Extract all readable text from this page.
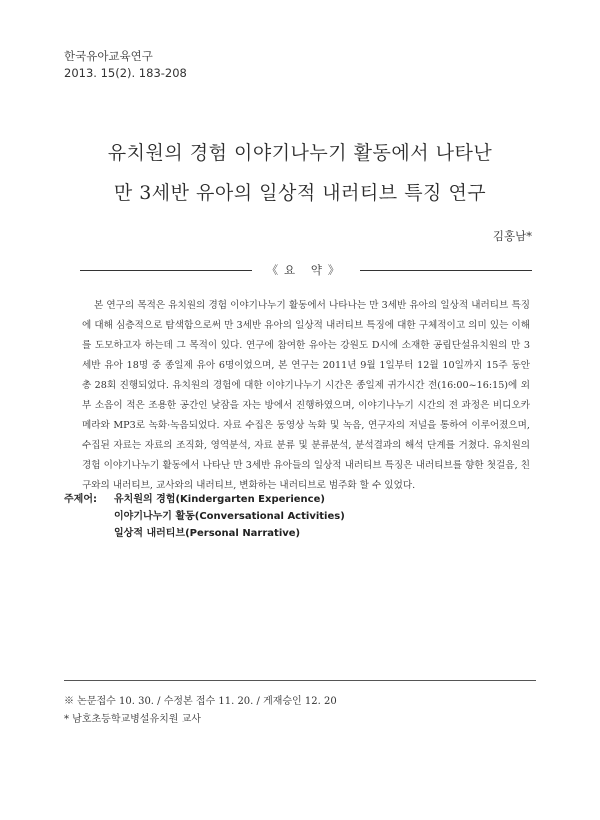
한국유아교육연구
2013. 15(2). 183-208
유치원의 경험 이야기나누기 활동에서 나타난
만 3세반 유아의 일상적 내러티브 특징 연구
김홍남*
《요 약》

본 연구의 목적은 유치원의 경험 이야기나누기 활동에서 나타나는 만 3세반 유아의 일상적 내러티브 특징에 대해 심층적으로 탐색함으로써 만 3세반 유아의 일상적 내러티브 특징에 대한 구체적이고 의미 있는 이해를 도모하고자 하는데 그 목적이 있다. 연구에 참여한 유아는 강원도 D시에 소재한 공립단설유치원의 만 3세반 유아 18명 중 종일제 유아 6명이었으며, 본 연구는 2011년 9월 1일부터 12월 10일까지 15주 동안 총 28회 진행되었다. 유치원의 경험에 대한 이야기나누기 시간은 종일제 귀가시간 전(16:00~16:15)에 외부 소음이 적은 조용한 공간인 낮잠을 자는 방에서 진행하였으며, 이야기나누기 시간의 전 과정은 비디오카메라와 MP3로 녹화·녹음되었다. 자료 수집은 동영상 녹화 및 녹음, 연구자의 저널을 통하여 이루어졌으며, 수집된 자료는 자료의 조직화, 영역분석, 자료 분류 및 분류분석, 분석결과의 해석 단계를 거쳤다. 유치원의 경험 이야기나누기 활동에서 나타난 만 3세반 유아들의 일상적 내러티브 특징은 내러티브를 향한 첫걸음, 친구와의 내러티브, 교사와의 내러티브, 변화하는 내러티브로 범주화 할 수 있었다.

주제어: 유치원의 경험(Kindergarten Experience)
이야기나누기 활동(Conversational Activities)
일상적 내러티브(Personal Narrative)
※ 논문접수 10. 30. / 수정본 접수 11. 20. / 게재승인 12. 20
* 남호초등학교병설유치원 교사
